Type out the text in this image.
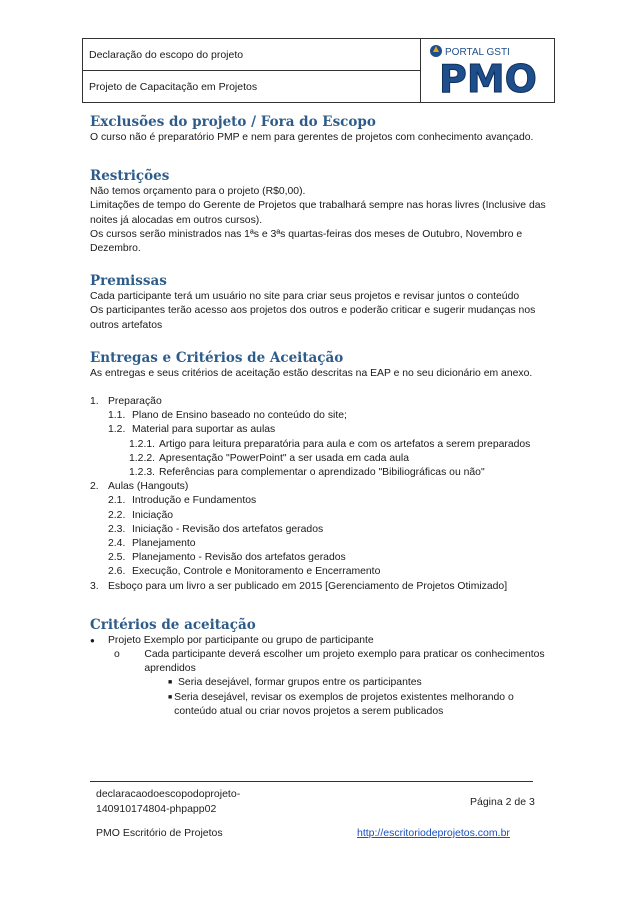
Declaração do escopo do projeto
Projeto de Capacitação em Projetos
PORTAL GSTI
PMO
Exclusões do projeto / Fora do Escopo

O curso não é preparatório PMP e nem para gerentes de projetos com conhecimento avançado.

Restrições

Não temos orçamento para o projeto (R$0,00).

Limitações de tempo do Gerente de Projetos que trabalhará sempre nas horas livres (Inclusive das noites já alocadas em outros cursos).

Os cursos serão ministrados nas 1ªs e 3ªs quartas-feiras dos meses de Outubro, Novembro e Dezembro.

Premissas

Cada participante terá um usuário no site para criar seus projetos e revisar juntos o conteúdo

Os participantes terão acesso aos projetos dos outros e poderão criticar e sugerir mudanças nos outros artefatos

Entregas e Critérios de Aceitação

As entregas e seus critérios de aceitação estão descritas na EAP e no seu dicionário em anexo.

1. Preparação
1.1. Plano de Ensino baseado no conteúdo do site;
1.2. Material para suportar as aulas
1.2.1. Artigo para leitura preparatória para aula e com os artefatos a serem preparados
1.2.2. Apresentação "PowerPoint" a ser usada em cada aula
1.2.3. Referências para complementar o aprendizado "Bibiliográficas ou não"
2. Aulas (Hangouts)
2.1. Introdução e Fundamentos
2.2. Iniciação
2.3. Iniciação - Revisão dos artefatos gerados
2.4. Planejamento
2.5. Planejamento - Revisão dos artefatos gerados
2.6. Execução, Controle e Monitoramento e Encerramento
3. Esboço para um livro a ser publicado em 2015 [Gerenciamento de Projetos Otimizado]
Critérios de aceitação
●	Projeto Exemplo por participante ou grupo de participante
o	Cada participante deverá escolher um projeto exemplo para praticar os conhecimentos aprendidos
■ Seria desejável, formar grupos entre os participantes
■ Seria desejável, revisar os exemplos de projetos existentes melhorando o conteúdo atual ou criar novos projetos a serem publicados
declaracaodoescopodoprojeto-140910174804-phpapp02
Página 2 de 3
PMO Escritório de Projetos	http://escritoriodeprojetos.com.br
